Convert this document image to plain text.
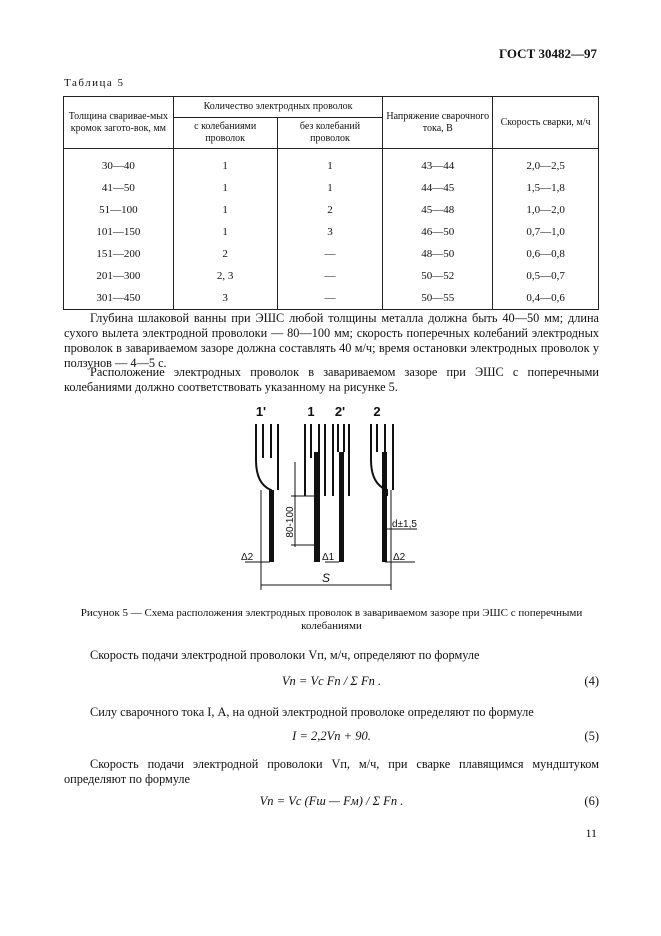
ГОСТ 30482—97
Таблица 5
Толщина сваривае-мых кромок загото-вок, мм	Количество электродных проволок		Напряжение сварочного тока, В	Скорость сварки, м/ч
	с колебаниями проволок	без колебаний проволок		
30—40	1	1	43—44	2,0—2,5
41—50	1	1	44—45	1,5—1,8
51—100	1	2	45—48	1,0—2,0
101—150	1	3	46—50	0,7—1,0
151—200	2	—	48—50	0,6—0,8
201—300	2, 3	—	50—52	0,5—0,7
301—450	3	—	50—55	0,4—0,6
Глубина шлаковой ванны при ЭШС любой толщины металла должна быть 40—50 мм; длина сухого вылета электродной проволоки — 80—100 мм; скорость поперечных колебаний электродных проволок в завариваемом зазоре должна составлять 40 м/ч; время остановки электродных проволок у ползунов — 4—5 с.
Расположение электродных проволок в завариваемом зазоре при ЭШС с поперечными колебаниями должно соответствовать указанному на рисунке 5.
1'	1 2' 2
80-100	d±1,5
Δ2	Δ1	Δ2
S
Рисунок 5 — Схема расположения электродных проволок в завариваемом зазоре при ЭШС с поперечными колебаниями
Скорость подачи электродной проволоки Vп, м/ч, определяют по формуле
Vп = Vс Fп / Σ Fп .	(4)
Силу сварочного тока I, А, на одной электродной проволоке определяют по формуле
I = 2,2Vп + 90.	(5)
Скорость подачи электродной проволоки Vп, м/ч, при сварке плавящимся мундштуком определяют по формуле
Vп = Vс (Fш — Fм) / Σ Fп .	(6)
11
